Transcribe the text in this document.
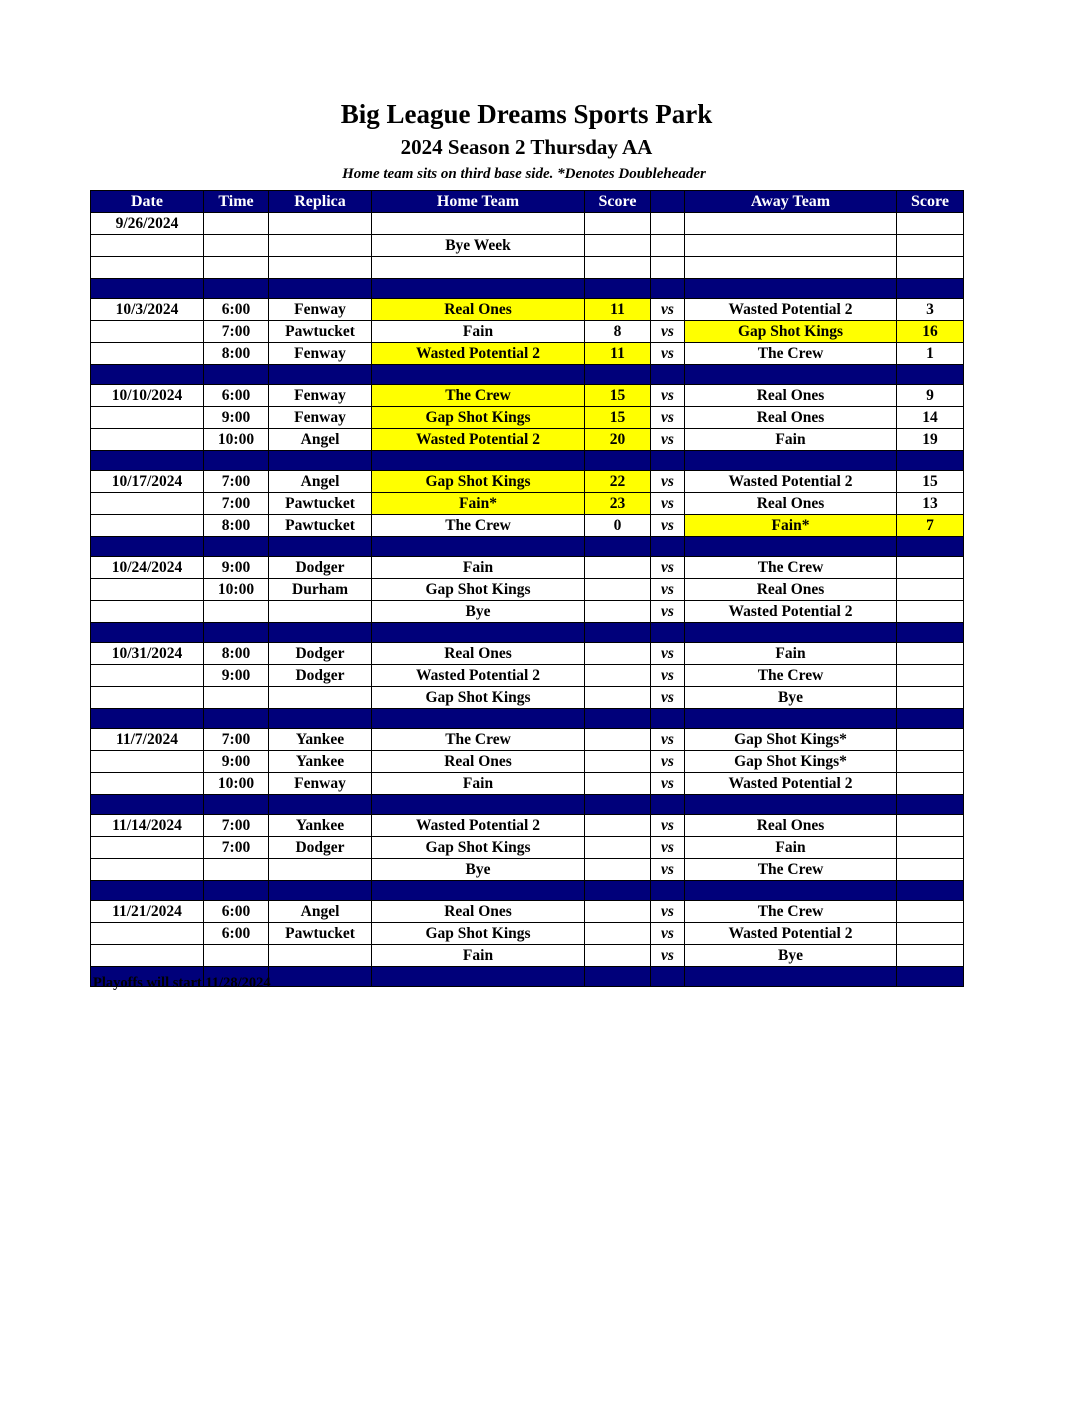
Big League Dreams Sports Park
2024 Season 2 Thursday AA
Home team sits on third base side. *Denotes Doubleheader
Date	Time	Replica	Home Team	Score		Away Team	Score
9/26/2024							
			Bye Week				

10/3/2024	6:00	Fenway	Real Ones	11	vs	Wasted Potential 2	3
	7:00	Pawtucket	Fain	8	vs	Gap Shot Kings	16
	8:00	Fenway	Wasted Potential 2	11	vs	The Crew	1

10/10/2024	6:00	Fenway	The Crew	15	vs	Real Ones	9
	9:00	Fenway	Gap Shot Kings	15	vs	Real Ones	14
	10:00	Angel	Wasted Potential 2	20	vs	Fain	19

10/17/2024	7:00	Angel	Gap Shot Kings	22	vs	Wasted Potential 2	15
	7:00	Pawtucket	Fain*	23	vs	Real Ones	13
	8:00	Pawtucket	The Crew	0	vs	Fain*	7

10/24/2024	9:00	Dodger	Fain		vs	The Crew	
	10:00	Durham	Gap Shot Kings		vs	Real Ones	
			Bye		vs	Wasted Potential 2	

10/31/2024	8:00	Dodger	Real Ones		vs	Fain	
	9:00	Dodger	Wasted Potential 2		vs	The Crew	
			Gap Shot Kings		vs	Bye	

11/7/2024	7:00	Yankee	The Crew		vs	Gap Shot Kings*	
	9:00	Yankee	Real Ones		vs	Gap Shot Kings*	
	10:00	Fenway	Fain		vs	Wasted Potential 2	

11/14/2024	7:00	Yankee	Wasted Potential 2		vs	Real Ones	
	7:00	Dodger	Gap Shot Kings		vs	Fain	
			Bye		vs	The Crew	

11/21/2024	6:00	Angel	Real Ones		vs	The Crew	
	6:00	Pawtucket	Gap Shot Kings		vs	Wasted Potential 2	
			Fain		vs	Bye	

Playoffs will start 11/28/2024
